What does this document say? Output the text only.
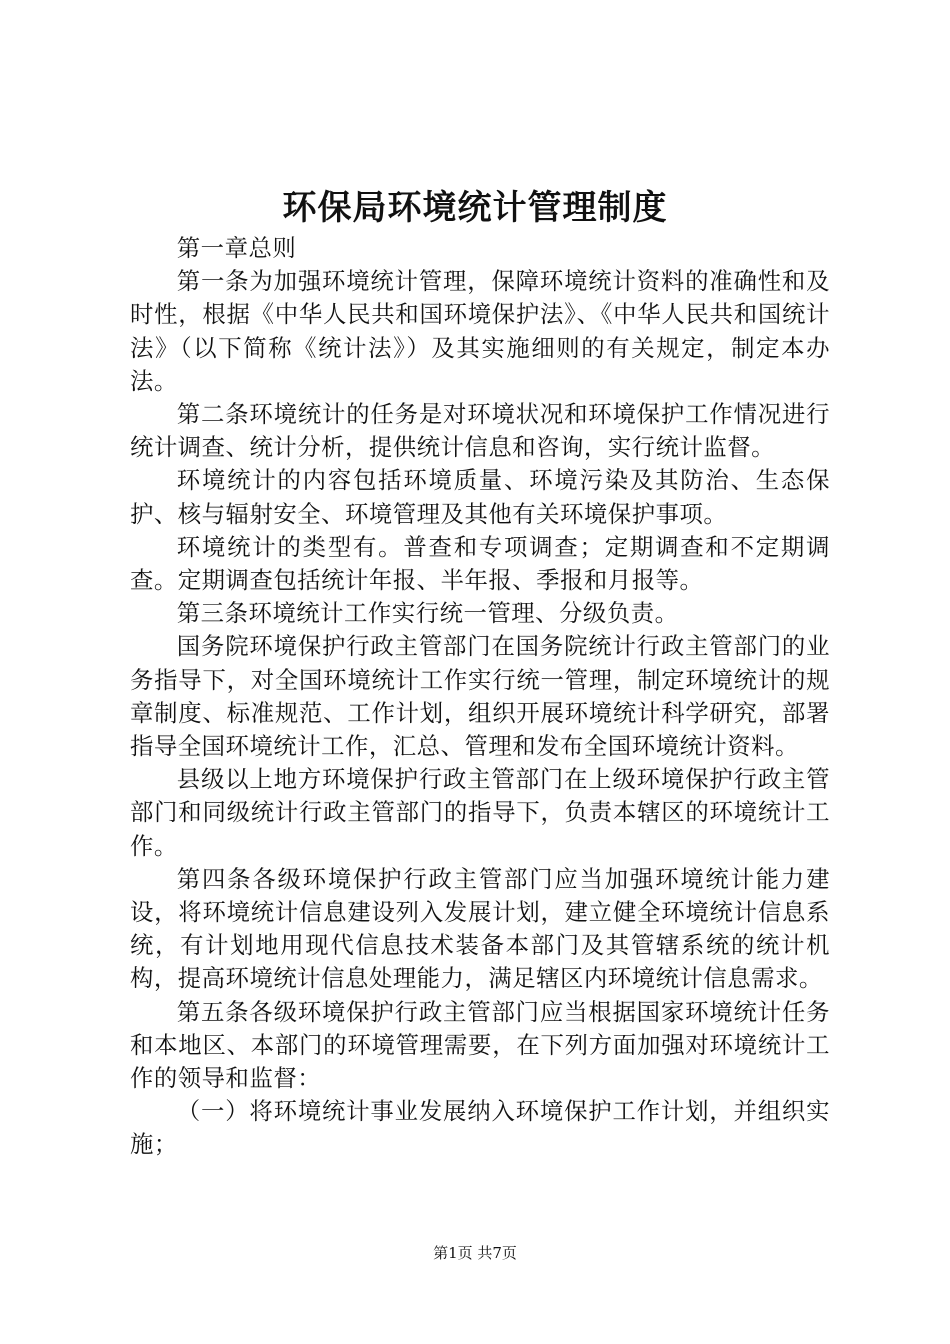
环保局环境统计管理制度

第一章总则

第一条为加强环境统计管理，保障环境统计资料的准确性和及时性，根据《中华人民共和国环境保护法》、《中华人民共和国统计法》（以下简称《统计法》）及其实施细则的有关规定，制定本办法。

第二条环境统计的任务是对环境状况和环境保护工作情况进行统计调查、统计分析，提供统计信息和咨询，实行统计监督。

环境统计的内容包括环境质量、环境污染及其防治、生态保护、核与辐射安全、环境管理及其他有关环境保护事项。

环境统计的类型有。普查和专项调查；定期调查和不定期调查。定期调查包括统计年报、半年报、季报和月报等。

第三条环境统计工作实行统一管理、分级负责。

国务院环境保护行政主管部门在国务院统计行政主管部门的业务指导下，对全国环境统计工作实行统一管理，制定环境统计的规章制度、标准规范、工作计划，组织开展环境统计科学研究，部署指导全国环境统计工作，汇总、管理和发布全国环境统计资料。

县级以上地方环境保护行政主管部门在上级环境保护行政主管部门和同级统计行政主管部门的指导下，负责本辖区的环境统计工作。

第四条各级环境保护行政主管部门应当加强环境统计能力建设，将环境统计信息建设列入发展计划，建立健全环境统计信息系统，有计划地用现代信息技术装备本部门及其管辖系统的统计机构，提高环境统计信息处理能力，满足辖区内环境统计信息需求。

第五条各级环境保护行政主管部门应当根据国家环境统计任务和本地区、本部门的环境管理需要，在下列方面加强对环境统计工作的领导和监督：

（一）将环境统计事业发展纳入环境保护工作计划，并组织实施；

第1页 共7页
